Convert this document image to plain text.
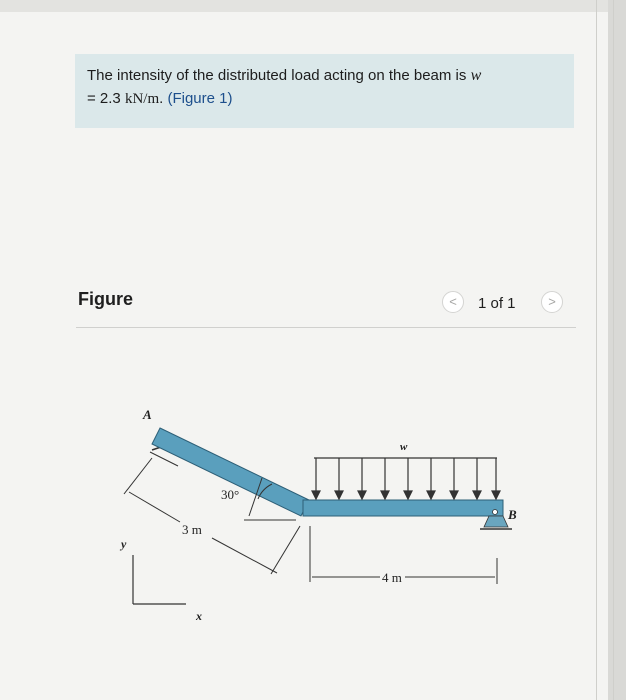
The intensity of the distributed load acting on the beam is w
= 2.3 kN/m. (Figure 1)
Figure	<	1 of 1	>
A
B
w
30°
3 m
4 m
y
x
